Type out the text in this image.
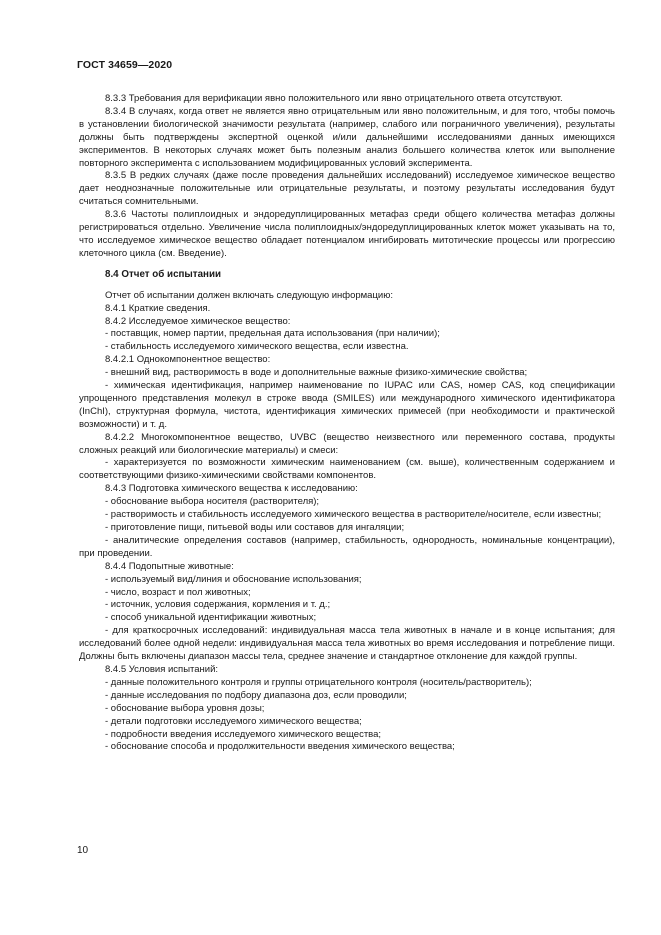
ГОСТ 34659—2020

8.3.3 Требования для верификации явно положительного или явно отрицательного ответа отсутствуют.

8.3.4 В случаях, когда ответ не является явно отрицательным или явно положительным, и для того, чтобы помочь в установлении биологической значимости результата (например, слабого или пограничного увеличения), результаты должны быть подтверждены экспертной оценкой и/или дальнейшими исследованиями данных имеющихся экспериментов. В некоторых случаях может быть полезным анализ большего количества клеток или выполнение повторного эксперимента с использованием модифицированных условий эксперимента.

8.3.5 В редких случаях (даже после проведения дальнейших исследований) исследуемое химическое вещество дает неоднозначные положительные или отрицательные результаты, и поэтому результаты исследования будут считаться сомнительными.

8.3.6 Частоты полиплоидных и эндоредуплицированных метафаз среди общего количества метафаз должны регистрироваться отдельно. Увеличение числа полиплоидных/эндоредуплицированных клеток может указывать на то, что исследуемое химическое вещество обладает потенциалом ингибировать митотические процессы или прогрессию клеточного цикла (см. Введение).

8.4 Отчет об испытании

Отчет об испытании должен включать следующую информацию:

8.4.1 Краткие сведения.

8.4.2 Исследуемое химическое вещество:

- поставщик, номер партии, предельная дата использования (при наличии);

- стабильность исследуемого химического вещества, если известна.

8.4.2.1 Однокомпонентное вещество:

- внешний вид, растворимость в воде и дополнительные важные физико-химические свойства;

- химическая идентификация, например наименование по IUPAC или CAS, номер CAS, код спецификации упрощенного представления молекул в строке ввода (SMILES) или международного химического идентификатора (InChI), структурная формула, чистота, идентификация химических примесей (при необходимости и практической возможности) и т. д.

8.4.2.2 Многокомпонентное вещество, UVBC (вещество неизвестного или переменного состава, продукты сложных реакций или биологические материалы) и смеси:

- характеризуется по возможности химическим наименованием (см. выше), количественным содержанием и соответствующими физико-химическими свойствами компонентов.

8.4.3 Подготовка химического вещества к исследованию:

- обоснование выбора носителя (растворителя);

- растворимость и стабильность исследуемого химического вещества в растворителе/носителе, если известны;

- приготовление пищи, питьевой воды или составов для ингаляции;

- аналитические определения составов (например, стабильность, однородность, номинальные концентрации), при проведении.

8.4.4 Подопытные животные:

- используемый вид/линия и обоснование использования;

- число, возраст и пол животных;

- источник, условия содержания, кормления и т. д.;

- способ уникальной идентификации животных;

- для краткосрочных исследований: индивидуальная масса тела животных в начале и в конце испытания; для исследований более одной недели: индивидуальная масса тела животных во время исследования и потребление пищи. Должны быть включены диапазон массы тела, среднее значение и стандартное отклонение для каждой группы.

8.4.5 Условия испытаний:

- данные положительного контроля и группы отрицательного контроля (носитель/растворитель);

- данные исследования по подбору диапазона доз, если проводили;

- обоснование выбора уровня дозы;

- детали подготовки исследуемого химического вещества;

- подробности введения исследуемого химического вещества;

- обоснование способа и продолжительности введения химического вещества;

10
